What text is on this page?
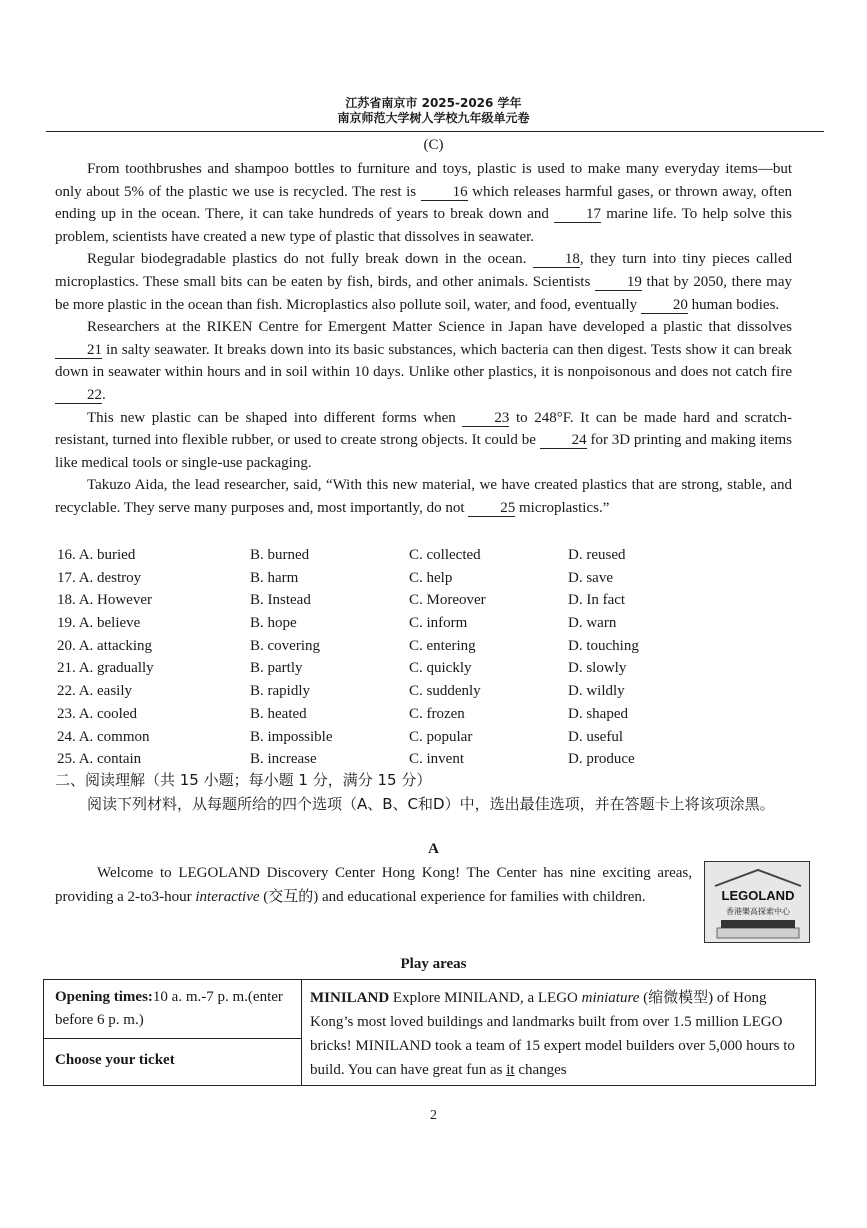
江苏省南京市 2025-2026 学年
南京师范大学树人学校九年级单元卷
(C)

From toothbrushes and shampoo bottles to furniture and toys, plastic is used to make many everyday items—but only about 5% of the plastic we use is recycled. The rest is 16 which releases harmful gases, or thrown away, often ending up in the ocean. There, it can take hundreds of years to break down and 17 marine life. To help solve this problem, scientists have created a new type of plastic that dissolves in seawater.

Regular biodegradable plastics do not fully break down in the ocean. 18, they turn into tiny pieces called microplastics. These small bits can be eaten by fish, birds, and other animals. Scientists 19 that by 2050, there may be more plastic in the ocean than fish. Microplastics also pollute soil, water, and food, eventually 20 human bodies.

Researchers at the RIKEN Centre for Emergent Matter Science in Japan have developed a plastic that dissolves 21 in salty seawater. It breaks down into its basic substances, which bacteria can then digest. Tests show it can break down in seawater within hours and in soil within 10 days. Unlike other plastics, it is nonpoisonous and does not catch fire 22.

This new plastic can be shaped into different forms when 23 to 248°F. It can be made hard and scratch-resistant, turned into flexible rubber, or used to create strong objects. It could be 24 for 3D printing and making items like medical tools or single-use packaging.

Takuzo Aida, the lead researcher, said, “With this new material, we have created plastics that are strong, stable, and recyclable. They serve many purposes and, most importantly, do not 25 microplastics.”

16. A. buried	B. burned	C. collected	D. reused
17. A. destroy	B. harm	C. help	D. save
18. A. However	B. Instead	C. Moreover	D. In fact
19. A. believe	B. hope	C. inform	D. warn
20. A. attacking	B. covering	C. entering	D. touching
21. A. gradually	B. partly	C. quickly	D. slowly
22. A. easily	B. rapidly	C. suddenly	D. wildly
23. A. cooled	B. heated	C. frozen	D. shaped
24. A. common	B. impossible	C. popular	D. useful
25. A. contain	B. increase	C. invent	D. produce
二、阅读理解（共 15 小题；每小题 1 分，满分 15 分）
阅读下列材料，从每题所给的四个选项（A、B、C和D）中，选出最佳选项，并在答题卡上将该项涂黑。
A
Welcome to LEGOLAND Discovery Center Hong Kong! The Center has nine exciting areas, providing a 2-to3-hour interactive (交互的) and educational experience for families with children.	LEGOLAND
香港樂高探索中心
Play areas
Opening times:10 a. m.-7 p. m.(enter before 6 p. m.)
Choose your ticket
MINILAND Explore MINILAND, a LEGO miniature (缩微模型) of Hong Kong’s most loved buildings and landmarks built from over 1.5 million LEGO bricks! MINILAND took a team of 15 expert model builders over 5,000 hours to build. You can have great fun as it changes
2
